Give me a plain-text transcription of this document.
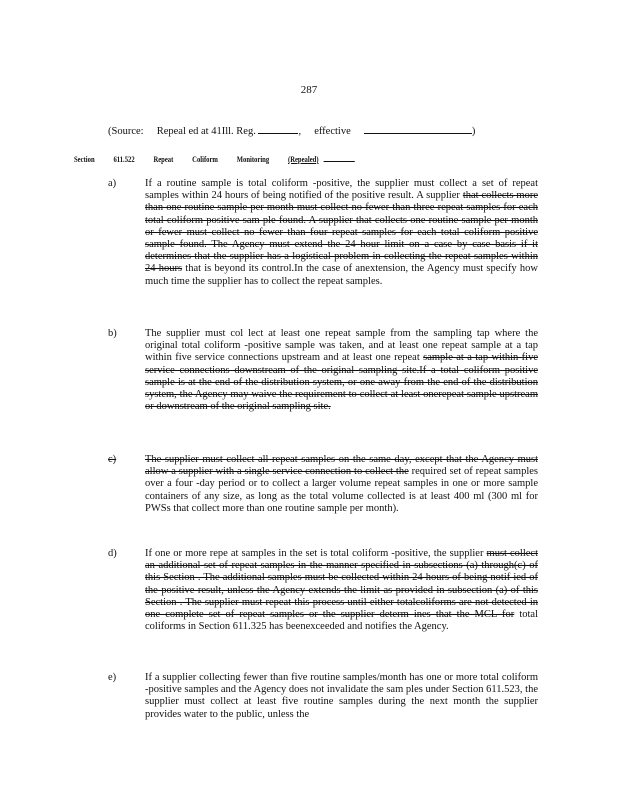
287
(Source: Repeal ed at 41Ill. Reg.	, effective	)
Section 611.522 Repeat Coliform Monitoring (Repealed)
a)	If a routine sample is total coliform -positive, the supplier must collect a set of repeat samples within 24 hours of being notified of the positive result. A supplier that collects more than one routine sample per month must collect no fewer than three repeat samples for each total coliform positive sam ple found. A supplier that collects one routine sample per month or fewer must collect no fewer than four repeat samples for each total coliform positive sample found. The Agency must extend the 24 hour limit on a case by case basis if it determines that the supplier has a logistical problem in collecting the repeat samples within 24 hours that is beyond its control.In the case of anextension, the Agency must specify how much time the supplier has to collect the repeat samples.
b)	The supplier must col lect at least one repeat sample from the sampling tap where the original total coliform -positive sample was taken, and at least one repeat sample at a tap within five service connections upstream and at least one repeat sample at a tap within five service connections downstream of the original sampling site.If a total coliform positive sample is at the end of the distribution system, or one away from the end of the distribution system, the Agency may waive the requirement to collect at least onerepeat sample upstream or downstream of the original sampling site.
c)	The supplier must collect all repeat samples on the same day, except that the Agency must allow a supplier with a single service connection to collect the required set of repeat samples over a four -day period or to collect a larger volume repeat samples in one or more sample containers of any size, as long as the total volume collected is at least 400 ml (300 ml for PWSs that collect more than one routine sample per month).
d)	If one or more repe at samples in the set is total coliform -positive, the supplier must collect an additional set of repeat samples in the manner specified in subsections (a) through(c) of this Section . The additional samples must be collected within 24 hours of being notif ied of the positive result, unless the Agency extends the limit as provided in subsection (a) of this Section . The supplier must repeat this process until either totalcoliforms are not detected in one complete set of repeat samples or the supplier determ ines that the MCL for total coliforms in Section 611.325 has beenexceeded and notifies the Agency.
e)	If a supplier collecting fewer than five routine samples/month has one or more total coliform -positive samples and the Agency does not invalidate the sam ples under Section 611.523, the supplier must collect at least five routine samples during the next month the supplier provides water to the public, unless the
